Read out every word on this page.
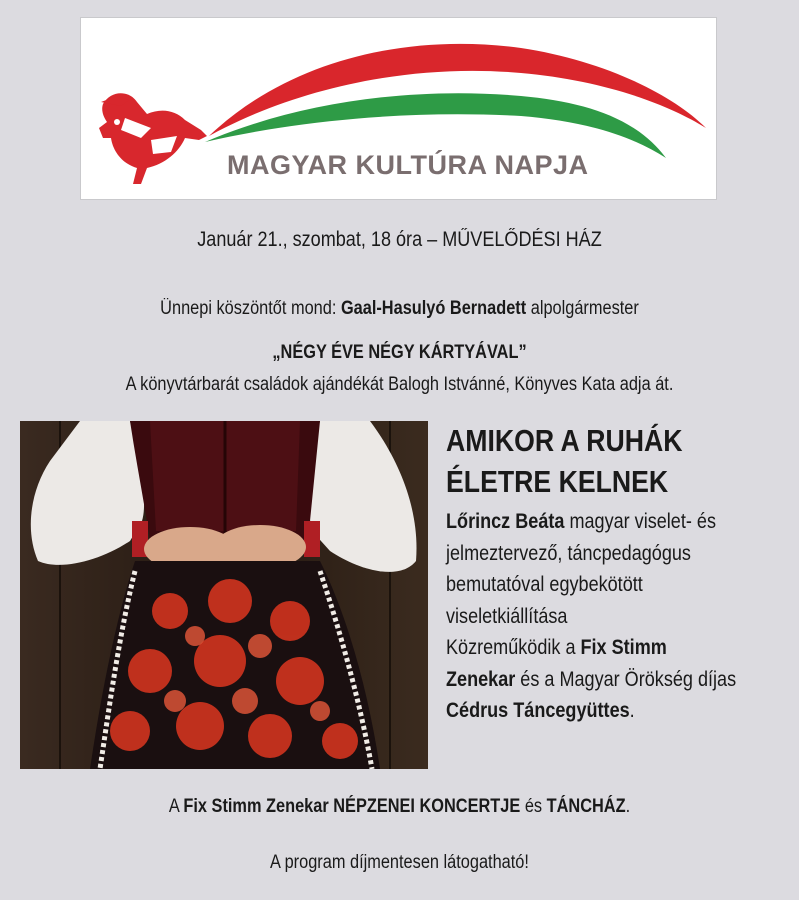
MAGYAR KULTÚRA NAPJA
Január 21., szombat, 18 óra – MŰVELŐDÉSI HÁZ
Ünnepi köszöntőt mond: Gaal-Hasulyó Bernadett alpolgármester
„NÉGY ÉVE NÉGY KÁRTYÁVAL”
A könyvtárbarát családok ajándékát Balogh Istvánné, Könyves Kata adja át.
AMIKOR A RUHÁK
ÉLETRE KELNEK
Lőrincz Beáta magyar viselet- és
jelmeztervező, táncpedagógus
bemutatóval egybekötött
viseletkiállítása
Közreműködik a Fix Stimm
Zenekar és a Magyar Örökség díjas
Cédrus Táncegyüttes.
A Fix Stimm Zenekar NÉPZENEI KONCERTJE és TÁNCHÁZ.
A program díjmentesen látogatható!
